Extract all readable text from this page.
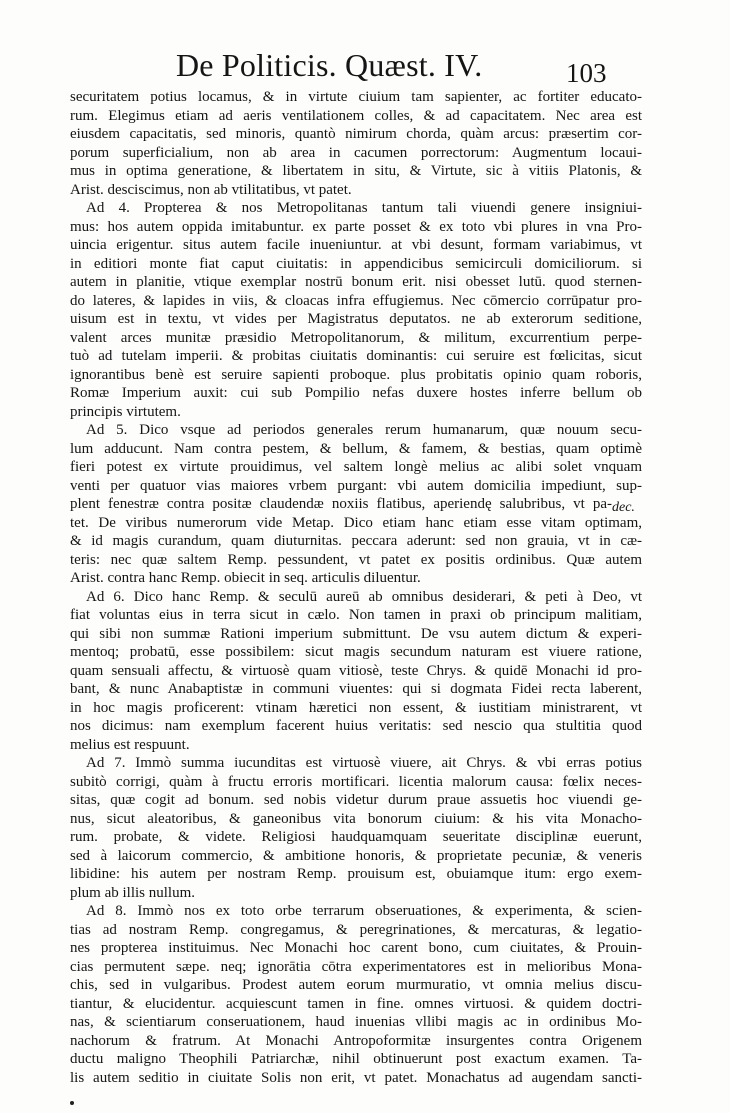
De Politicis. Quæst. IV.	103
securitatem potius locamus, & in virtute ciuium tam sapienter, ac fortiter educato-
rum. Elegimus etiam ad aeris ventilationem colles, & ad capacitatem. Nec area est
eiusdem capacitatis, sed minoris, quantò nimirum chorda, quàm arcus: præsertim cor-
porum superficialium, non ab area in cacumen porrectorum: Augmentum locaui-
mus in optima generatione, & libertatem in situ, & Virtute, sic à vitiis Platonis, &
Arist. desciscimus, non ab vtilitatibus, vt patet.
Ad 4. Propterea & nos Metropolitanas tantum tali viuendi genere insigniui-
mus: hos autem oppida imitabuntur. ex parte posset & ex toto vbi plures in vna Pro-
uincia erigentur. situs autem facile inueniuntur. at vbi desunt, formam variabimus, vt
in editiori monte fiat caput ciuitatis: in appendicibus semicirculi domiciliorum. si
autem in planitie, vtique exemplar nostrū bonum erit. nisi obesset lutū. quod sternen-
do lateres, & lapides in viis, & cloacas infra effugiemus. Nec cōmercio corrūpatur pro-
uisum est in textu, vt vides per Magistratus deputatos. ne ab exterorum seditione,
valent arces munitæ præsidio Metropolitanorum, & militum, excurrentium perpe-
tuò ad tutelam imperii. & probitas ciuitatis dominantis: cui seruire est fœlicitas, sicut
ignorantibus benè est seruire sapienti proboque. plus probitatis opinio quam roboris,
Romæ Imperium auxit: cui sub Pompilio nefas duxere hostes inferre bellum ob
principis virtutem.
Ad 5. Dico vsque ad periodos generales rerum humanarum, quæ nouum secu-
lum adducunt. Nam contra pestem, & bellum, & famem, & bestias, quam optimè
fieri potest ex virtute prouidimus, vel saltem longè melius ac alibi solet vnquam
venti per quatuor vias maiores vrbem purgant: vbi autem domicilia impediunt, sup-
plent fenestræ contra positæ claudendæ noxiis flatibus, aperiendę salubribus, vt pa-
tet. De viribus numerorum vide Metap. Dico etiam hanc etiam esse vitam optimam,
& id magis curandum, quam diuturnitas. peccara aderunt: sed non grauia, vt in cæ-
teris: nec quæ saltem Remp. pessundent, vt patet ex positis ordinibus. Quæ autem
Arist. contra hanc Remp. obiecit in seq. articulis diluentur.
Ad 6. Dico hanc Remp. & seculū aureū ab omnibus desiderari, & peti à Deo, vt
fiat voluntas eius in terra sicut in cælo. Non tamen in praxi ob principum malitiam,
qui sibi non summæ Rationi imperium submittunt. De vsu autem dictum & experi-
mentoq; probatū, esse possibilem: sicut magis secundum naturam est viuere ratione,
quam sensuali affectu, & virtuosè quam vitiosè, teste Chrys. & quidē Monachi id pro-
bant, & nunc Anabaptistæ in communi viuentes: qui si dogmata Fidei recta laberent,
in hoc magis proficerent: vtinam hæretici non essent, & iustitiam ministrarent, vt
nos dicimus: nam exemplum facerent huius veritatis: sed nescio qua stultitia quod
melius est respuunt.
Ad 7. Immò summa iucunditas est virtuosè viuere, ait Chrys. & vbi erras potius
subitò corrigi, quàm à fructu erroris mortificari. licentia malorum causa: fœlix neces-
sitas, quæ cogit ad bonum. sed nobis videtur durum praue assuetis hoc viuendi ge-
nus, sicut aleatoribus, & ganeonibus vita bonorum ciuium: & his vita Monacho-
rum. probate, & videte. Religiosi haudquamquam seueritate disciplinæ euerunt,
sed à laicorum commercio, & ambitione honoris, & proprietate pecuniæ, & veneris
libidine: his autem per nostram Remp. prouisum est, obuiamque itum: ergo exem-
plum ab illis nullum.
Ad 8. Immò nos ex toto orbe terrarum obseruationes, & experimenta, & scien-
tias ad nostram Remp. congregamus, & peregrinationes, & mercaturas, & legatio-
nes propterea instituimus. Nec Monachi hoc carent bono, cum ciuitates, & Prouin-
cias permutent sæpe. neq; ignorātia cōtra experimentatores est in melioribus Mona-
chis, sed in vulgaribus. Prodest autem eorum murmuratio, vt omnia melius discu-
tiantur, & elucidentur. acquiescunt tamen in fine. omnes virtuosi. & quidem doctri-
nas, & scientiarum conseruationem, haud inuenias vllibi magis ac in ordinibus Mo-
nachorum & fratrum. At Monachi Antropoformitæ insurgentes contra Origenem
ductu maligno Theophili Patriarchæ, nihil obtinuerunt post exactum examen. Ta-
lis autem seditio in ciuitate Solis non erit, vt patet. Monachatus ad augendam sancti-
dec.
